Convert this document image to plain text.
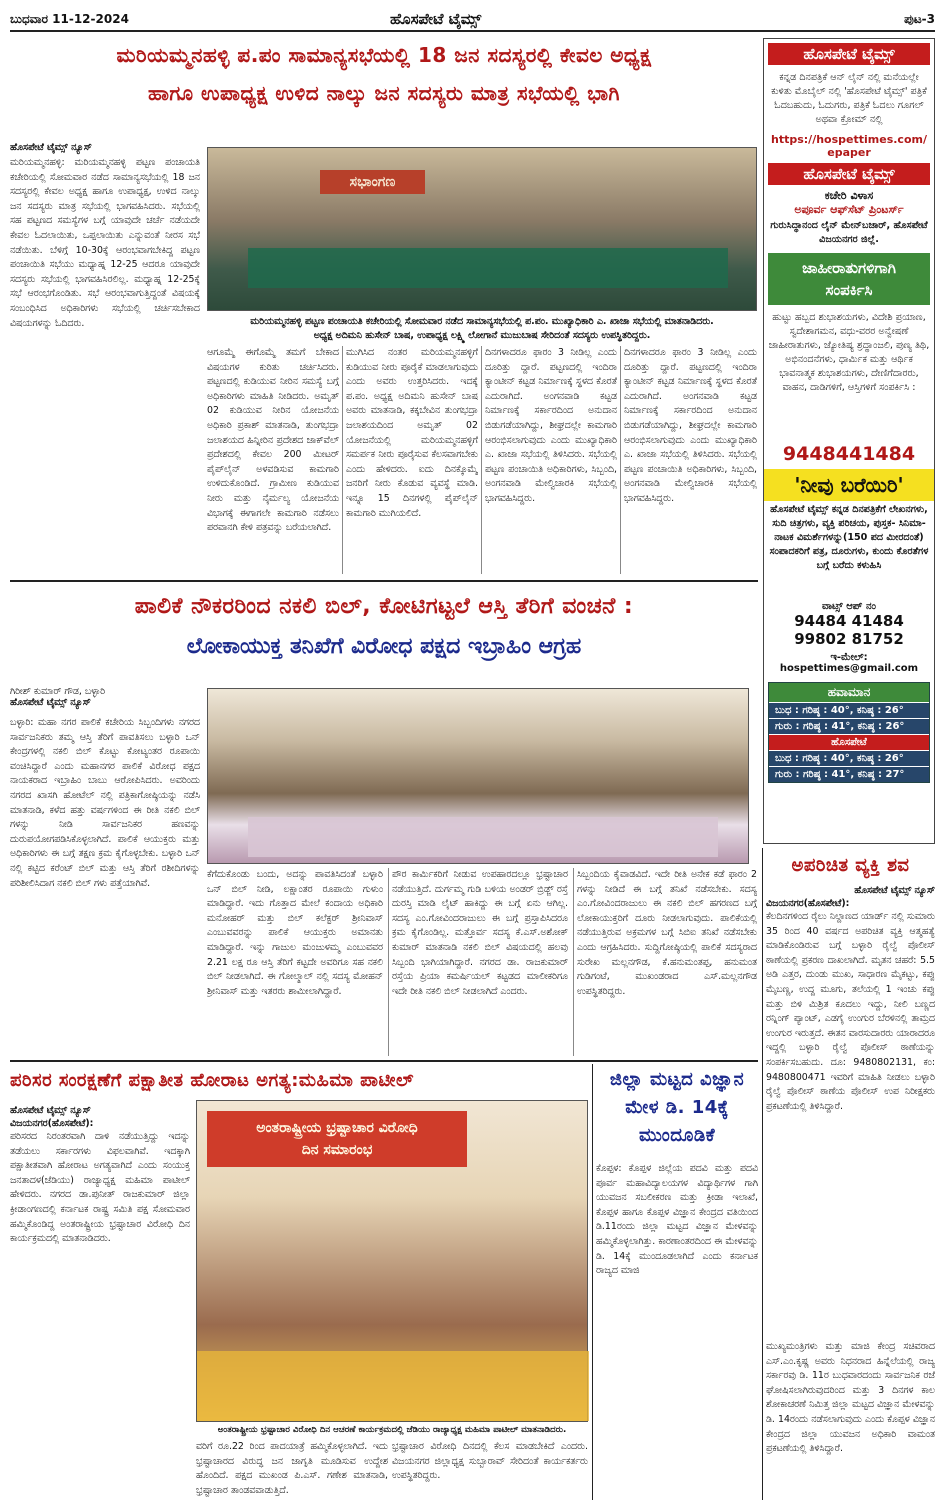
ಬುಧವಾರ 11-12-2024	ಹೊಸಪೇಟೆ ಟೈಮ್ಸ್	ಪುಟ-3
ಮರಿಯಮ್ಮನಹಳ್ಳಿ ಪ.ಪಂ ಸಾಮಾನ್ಯಸಭೆಯಲ್ಲಿ 18 ಜನ ಸದಸ್ಯರಲ್ಲಿ ಕೇವಲ ಅಧ್ಯಕ್ಷ
ಹಾಗೂ ಉಪಾಧ್ಯಕ್ಷ ಉಳಿದ ನಾಲ್ಕು ಜನ ಸದಸ್ಯರು ಮಾತ್ರ ಸಭೆಯಲ್ಲಿ ಭಾಗಿ
ಹೊಸಪೇಟೆ ಟೈಮ್ಸ್ ನ್ಯೂಸ್
ಮರಿಯಮ್ಮನಹಳ್ಳಿ: ಮರಿಯಮ್ಮನಹಳ್ಳಿ ಪಟ್ಟಣ ಪಂಚಾಯತಿ ಕಚೇರಿಯಲ್ಲಿ ಸೋಮವಾರ ನಡೆದ ಸಾಮಾನ್ಯಸಭೆಯಲ್ಲಿ 18 ಜನ ಸದಸ್ಯರಲ್ಲಿ ಕೇವಲ ಅಧ್ಯಕ್ಷ ಹಾಗೂ ಉಪಾಧ್ಯಕ್ಷ, ಉಳಿದ ನಾಲ್ಕು ಜನ ಸದಸ್ಯರು ಮಾತ್ರ ಸಭೆಯಲ್ಲಿ ಭಾಗವಹಿಸಿದರು. ಸಭೆಯಲ್ಲಿ ಸಹ ಪಟ್ಟಣದ ಸಮಸ್ಯೆಗಳ ಬಗ್ಗೆ ಯಾವುದೇ ಚರ್ಚೆ ನಡೆಯದೇ ಕೇವಲ ಓದಲಾಯಿತು, ಒಪ್ಪಲಾಯಿತು ಎನ್ನುವಂತೆ ನೀರಸ ಸಭೆ ನಡೆಯಿತು. ಬೆಳಿಗ್ಗೆ 10-30ಕ್ಕೆ ಆರಂಭವಾಗಬೇಕಿದ್ದ ಪಟ್ಟಣ ಪಂಚಾಯಿತಿ ಸಭೆಯು ಮಧ್ಯಾಹ್ನ 12-25 ಆದರೂ ಯಾವುದೇ ಸದಸ್ಯರು ಸಭೆಯಲ್ಲಿ ಭಾಗವಹಿಸಿರಲಿಲ್ಲ. ಮಧ್ಯಾಹ್ನ 12-25ಕ್ಕೆ ಸಭೆ ಆರಂಭಗೊಂಡಿತು. ಸಭೆ ಆರಂಭವಾಗುತ್ತಿದ್ದಂತೆ ವಿಷಯಕ್ಕೆ ಸಂಬಂಧಿಸಿದ ಅಧಿಕಾರಿಗಳು ಸಭೆಯಲ್ಲಿ ಚರ್ಚಿಸಬೇಕಾದ ವಿಷಯಗಳನ್ನು ಓದಿದರು.
ಸಭಾಂಗಣ
ಮರಿಯಮ್ಮನಹಳ್ಳಿ ಪಟ್ಟಣ ಪಂಚಾಯತಿ ಕಚೇರಿಯಲ್ಲಿ ಸೋಮವಾರ ನಡೆದ ಸಾಮಾನ್ಯಸಭೆಯಲ್ಲಿ ಪ.ಪಂ. ಮುಖ್ಯಾಧಿಕಾರಿ ಎ. ಖಾಜಾ ಸಭೆಯಲ್ಲಿ ಮಾತನಾಡಿದರು.
ಅಧ್ಯಕ್ಷ ಅದಿಮನಿ ಹುಸೇನ್ ಬಾಷ, ಉಪಾಧ್ಯಕ್ಷ ಲಕ್ಷ್ಮಿ ಲೋಗಾನೆ ಮುಜುಬಾಷ ಸೇರಿದಂತೆ ಸದಸ್ಯರು ಉಪಸ್ಥಿತರಿದ್ದರು.
ಆಗೂಮ್ಮೆ ಈಗೊಮ್ಮೆ ತಮಗೆ ಬೇಕಾದ ವಿಷಯಗಳ ಕುರಿತು ಚರ್ಚಿಸಿದರು. ಪಟ್ಟಣದಲ್ಲಿ ಕುಡಿಯುವ ನೀರಿನ ಸಮಸ್ಯೆ ಬಗ್ಗೆ ಅಧಿಕಾರಿಗಳು ಮಾಹಿತಿ ನೀಡಿದರು. ಅಮೃತ್ 02 ಕುಡಿಯುವ ನೀರಿನ ಯೋಜನೆಯ ಅಧಿಕಾರಿ ಪ್ರಕಾಶ್ ಮಾತನಾಡಿ, ತುಂಗಭದ್ರಾ ಜಲಾಶಯದ ಹಿನ್ನೀರಿನ ಪ್ರದೇಶದ ಜಾಕ್‌ವೆಲ್ ಪ್ರದೇಶದಲ್ಲಿ ಕೇವಲ 200 ಮೀಟರ್ ಪೈಪ್‌ಲೈನ್ ಅಳವಡಿಸುವ ಕಾಮಗಾರಿ ಉಳಿದುಕೊಂಡಿದೆ. ಗ್ರಾಮೀಣ ಕುಡಿಯುವ ನೀರು ಮತ್ತು ನೈರ್ಮಲ್ಯ ಯೋಜನೆಯ ವಿಭಾಗಕ್ಕೆ ಈಗಾಗಲೇ ಕಾಮಗಾರಿ ನಡೆಸಲು ಪರವಾನಗಿ ಕೇಳಿ ಪತ್ರವನ್ನು ಬರೆಯಲಾಗಿದೆ.
ಮುಗಿಸಿದ ನಂತರ ಮರಿಯಮ್ಮನಹಳ್ಳಿಗೆ ಕುಡಿಯುವ ನೀರು ಪೂರೈಕೆ ಮಾಡಲಾಗುವುದು ಎಂದು ಅವರು ಉತ್ತರಿಸಿದರು. ಇದಕ್ಕೆ ಪ.ಪಂ. ಅಧ್ಯಕ್ಷ ಅದಿಮನಿ ಹುಸೇನ್ ಬಾಷ ಅವರು ಮಾತನಾಡಿ, ಕಕ್ಕಬೇವಿನ ತುಂಗಭದ್ರಾ ಜಲಾಶಯದಿಂದ ಅಮೃತ್ 02 ಯೋಜನೆಯಲ್ಲಿ ಮರಿಯಮ್ಮನಹಳ್ಳಿಗೆ ಸಮರ್ಪಕ ನೀರು ಪೂರೈಸುವ ಕೆಲಸವಾಗಬೇಕು ಎಂದು ಹೇಳಿದರು. ಐದು ದಿನಕ್ಕೊಮ್ಮೆ ಜನರಿಗೆ ನೀರು ಕೊಡುವ ವ್ಯವಸ್ಥೆ ಮಾಡಿ. ಇನ್ನೂ 15 ದಿನಗಳಲ್ಲಿ ಪೈಪ್‌ಲೈನ್ ಕಾಮಗಾರಿ ಮುಗಿಯಲಿದೆ.
ದಿನಗಳಾದರೂ ಫಾರಂ 3 ನೀಡಿಲ್ಲ ಎಂದು ದೂರಿತ್ತು ದ್ದಾರೆ. ಪಟ್ಟಣದಲ್ಲಿ ಇಂದಿರಾ ಕ್ಯಾಂಟೀನ್ ಕಟ್ಟಡ ನಿರ್ಮಾಣಕ್ಕೆ ಸ್ಥಳದ ಕೊರತೆ ಎದುರಾಗಿದೆ. ಅಂಗನವಾಡಿ ಕಟ್ಟಡ ನಿರ್ಮಾಣಕ್ಕೆ ಸರ್ಕಾರದಿಂದ ಅನುದಾನ ಬಿಡುಗಡೆಯಾಗಿದ್ದು, ಶೀಘ್ರದಲ್ಲೇ ಕಾಮಗಾರಿ ಆರಂಭಿಸಲಾಗುವುದು ಎಂದು ಮುಖ್ಯಾಧಿಕಾರಿ ಎ. ಖಾಜಾ ಸಭೆಯಲ್ಲಿ ತಿಳಿಸಿದರು. ಸಭೆಯಲ್ಲಿ ಪಟ್ಟಣ ಪಂಚಾಯಿತಿ ಅಧಿಕಾರಿಗಳು, ಸಿಬ್ಬಂದಿ, ಅಂಗನವಾಡಿ ಮೇಲ್ವಿಚಾರಕಿ ಸಭೆಯಲ್ಲಿ ಭಾಗವಹಿಸಿದ್ದರು.
ದಿನಗಳಾದರೂ ಫಾರಂ 3 ನೀಡಿಲ್ಲ ಎಂದು ದೂರಿತ್ತು ದ್ದಾರೆ. ಪಟ್ಟಣದಲ್ಲಿ ಇಂದಿರಾ ಕ್ಯಾಂಟೀನ್ ಕಟ್ಟಡ ನಿರ್ಮಾಣಕ್ಕೆ ಸ್ಥಳದ ಕೊರತೆ ಎದುರಾಗಿದೆ. ಅಂಗನವಾಡಿ ಕಟ್ಟಡ ನಿರ್ಮಾಣಕ್ಕೆ ಸರ್ಕಾರದಿಂದ ಅನುದಾನ ಬಿಡುಗಡೆಯಾಗಿದ್ದು, ಶೀಘ್ರದಲ್ಲೇ ಕಾಮಗಾರಿ ಆರಂಭಿಸಲಾಗುವುದು ಎಂದು ಮುಖ್ಯಾಧಿಕಾರಿ ಎ. ಖಾಜಾ ಸಭೆಯಲ್ಲಿ ತಿಳಿಸಿದರು. ಸಭೆಯಲ್ಲಿ ಪಟ್ಟಣ ಪಂಚಾಯಿತಿ ಅಧಿಕಾರಿಗಳು, ಸಿಬ್ಬಂದಿ, ಅಂಗನವಾಡಿ ಮೇಲ್ವಿಚಾರಕಿ ಸಭೆಯಲ್ಲಿ ಭಾಗವಹಿಸಿದ್ದರು.
ಪಾಲಿಕೆ ನೌಕರರಿಂದ ನಕಲಿ ಬಿಲ್, ಕೋಟಿಗಟ್ಟಲೆ ಆಸ್ತಿ ತೆರಿಗೆ ವಂಚನೆ :
ಲೋಕಾಯುಕ್ತ ತನಿಖೆಗೆ ವಿರೋಧ ಪಕ್ಷದ ಇಬ್ರಾಹಿಂ ಆಗ್ರಹ
ಗಿರೀಶ್ ಕುಮಾರ್ ಗೌಡ, ಬಳ್ಳಾರಿ
ಹೊಸಪೇಟೆ ಟೈಮ್ಸ್ ನ್ಯೂಸ್
ಬಳ್ಳಾರಿ: ಮಹಾ ನಗರ ಪಾಲಿಕೆ ಕಚೇರಿಯ ಸಿಬ್ಬಂದಿಗಳು ನಗರದ ಸಾರ್ವಜನಿಕರು ತಮ್ಮ ಆಸ್ತಿ ತೆರಿಗೆ ಪಾವತಿಸಲು ಬಳ್ಳಾರಿ ಒನ್ ಕೇಂದ್ರಗಳಲ್ಲಿ ನಕಲಿ ಬಿಲ್ ಕೊಟ್ಟು ಕೋಟ್ಯಂತರ ರೂಪಾಯಿ ವಂಚಿಸಿದ್ದಾರೆ ಎಂದು ಮಹಾನಗರ ಪಾಲಿಕೆ ವಿರೋಧ ಪಕ್ಷದ ನಾಯಕರಾದ ಇಬ್ರಾಹಿಂ ಬಾಬು ಆರೋಪಿಸಿದರು. ಅವರಿಂದು ನಗರದ ಖಾಸಗಿ ಹೋಟೆಲ್ ನಲ್ಲಿ ಪತ್ರಿಕಾಗೋಷ್ಠಿಯನ್ನು ನಡೆಸಿ ಮಾತನಾಡಿ, ಕಳೆದ ಹತ್ತು ವರ್ಷಗಳಿಂದ ಈ ರೀತಿ ನಕಲಿ ಬಿಲ್ ಗಳನ್ನು ನೀಡಿ ಸಾರ್ವಜನಿಕರ ಹಣವನ್ನು ದುರುಪಯೋಗಪಡಿಸಿಕೊಳ್ಳಲಾಗಿದೆ. ಪಾಲಿಕೆ ಆಯುಕ್ತರು ಮತ್ತು ಅಧಿಕಾರಿಗಳು ಈ ಬಗ್ಗೆ ತಕ್ಷಣ ಕ್ರಮ ಕೈಗೊಳ್ಳಬೇಕು. ಬಳ್ಳಾರಿ ಒನ್ ನಲ್ಲಿ ಕಟ್ಟಿದ ಕರೆಂಟ್ ಬಿಲ್ ಮತ್ತು ಆಸ್ತಿ ತೆರಿಗೆ ರಶೀದಿಗಳನ್ನು ಪರಿಶೀಲಿಸಿದಾಗ ನಕಲಿ ಬಿಲ್ ಗಳು ಪತ್ತೆಯಾಗಿವೆ.
ಕೆಗೆದುಕೊಂಡು ಬಂದು, ಅದನ್ನು ಪಾವತಿಸಿದಂತೆ ಬಳ್ಳಾರಿ ಒನ್ ಬಿಲ್ ನೀಡಿ, ಲಕ್ಷಾಂತರ ರೂಪಾಯಿ ಗುಳುಂ ಮಾಡಿದ್ದಾರೆ. ಇದು ಗೊತ್ತಾದ ಮೇಲೆ ಕಂದಾಯ ಅಧಿಕಾರಿ ಮನೋಹರ್ ಮತ್ತು ಬಿಲ್ ಕಲೆಕ್ಟರ್ ಶ್ರೀನಿವಾಸ್ ಎಂಬುವವರನ್ನು ಪಾಲಿಕೆ ಆಯುಕ್ತರು ಅಮಾನತು ಮಾಡಿದ್ದಾರೆ. ಇನ್ನು ಗಾಜುಲ ಮಂಜುಳಮ್ಮ ಎಂಬುವವರ 2.21 ಲಕ್ಷ ರೂ ಆಸ್ತಿ ತೆರಿಗೆ ಕಟ್ಟದೇ ಅವರಿಗೂ ಸಹ ನಕಲಿ ಬಿಲ್ ನೀಡಲಾಗಿದೆ. ಈ ಗೋಲ್ಮಾಲ್ ನಲ್ಲಿ ಸದಸ್ಯ ಮೋಹನ್ ಶ್ರೀನಿವಾಸ್ ಮತ್ತು ಇತರರು ಶಾಮೀಲಾಗಿದ್ದಾರೆ.
ಪೌರ ಕಾರ್ಮಿಕರಿಗೆ ನೀಡುವ ಉಪಹಾರದಲ್ಲೂ ಭ್ರಷ್ಟಾಚಾರ ನಡೆಯುತ್ತಿದೆ. ದುರ್ಗಮ್ಮ ಗುಡಿ ಬಳಿಯ ಅಂಡರ್ ಬ್ರಿಡ್ಜ್ ರಸ್ತೆ ದುರಸ್ತಿ ಮಾಡಿ ಲೈಟ್ ಹಾಕಿದ್ದು ಈ ಬಗ್ಗೆ ಏನು ಆಗಿಲ್ಲ. ಸದಸ್ಯ ಎಂ.ಗೋವಿಂದರಾಜುಲು ಈ ಬಗ್ಗೆ ಪ್ರಸ್ತಾಪಿಸಿದರೂ ಕ್ರಮ ಕೈಗೊಂಡಿಲ್ಲ. ಮತ್ತೊರ್ವ ಸದಸ್ಯ ಕೆ.ಎಸ್.ಅಶೋಕ್ ಕುಮಾರ್ ಮಾತನಾಡಿ ನಕಲಿ ಬಿಲ್ ವಿಷಯದಲ್ಲಿ ಹಲವು ಸಿಬ್ಬಂದಿ ಭಾಗಿಯಾಗಿದ್ದಾರೆ. ನಗರದ ಡಾ. ರಾಜಕುಮಾರ್ ರಸ್ತೆಯ ಪ್ರಿಯಾ ಕಮರ್ಷಿಯಲ್ ಕಟ್ಟಡದ ಮಾಲೀಕರಿಗೂ ಇದೇ ರೀತಿ ನಕಲಿ ಬಿಲ್ ನೀಡಲಾಗಿದೆ ಎಂದರು.
ಸಿಬ್ಬಂದಿಯ ಕೈವಾಡವಿದೆ. ಇದೇ ರೀತಿ ಅನೇಕ ಕಡೆ ಫಾರಂ 2 ಗಳನ್ನು ನೀಡಿದೆ ಈ ಬಗ್ಗೆ ತನಿಖೆ ನಡೆಸಬೇಕು. ಸದಸ್ಯ ಎಂ.ಗೋವಿಂದರಾಜುಲು ಈ ನಕಲಿ ಬಿಲ್ ಹಗರಣದ ಬಗ್ಗೆ ಲೋಕಾಯುಕ್ತರಿಗೆ ದೂರು ನೀಡಲಾಗುವುದು. ಪಾಲಿಕೆಯಲ್ಲಿ ನಡೆಯುತ್ತಿರುವ ಅಕ್ರಮಗಳ ಬಗ್ಗೆ ಸಿಬಿಐ ತನಿಖೆ ನಡೆಸಬೇಕು ಎಂದು ಆಗ್ರಹಿಸಿದರು. ಸುದ್ದಿಗೋಷ್ಠಿಯಲ್ಲಿ ಪಾಲಿಕೆ ಸದಸ್ಯರಾದ ಸುರೇಖ ಮಲ್ಲನಗೌಡ, ಕೆ.ಹನುಮಂತಪ್ಪ, ಹನುಮಂತ ಗುಡಿಗಂಟೆ, ಮುಖಂಡರಾದ ಎಸ್.ಮಲ್ಲನಗೌಡ ಉಪಸ್ಥಿತರಿದ್ದರು.
ಪರಿಸರ ಸಂರಕ್ಷಣೆಗೆ ಪಕ್ಷಾತೀತ ಹೋರಾಟ ಅಗತ್ಯ:ಮಹಿಮಾ ಪಾಟೀಲ್
ಹೊಸಪೇಟೆ ಟೈಮ್ಸ್ ನ್ಯೂಸ್
ವಿಜಯನಗರ(ಹೊಸಪೇಟೆ):
ಪರಿಸರದ ನಿರಂತರವಾಗಿ ದಾಳಿ ನಡೆಯುತ್ತಿದ್ದು ಇದನ್ನು ತಡೆಯಲು ಸರ್ಕಾರಗಳು ವಿಫಲವಾಗಿವೆ. ಇದಕ್ಕಾಗಿ ಪಕ್ಷಾತೀತವಾಗಿ ಹೋರಾಟ ಅಗತ್ಯವಾಗಿದೆ ಎಂದು ಸಂಯುಕ್ತ ಜನತಾದಳ(ಜೆಡಿಯು) ರಾಜ್ಯಾಧ್ಯಕ್ಷ ಮಹಿಮಾ ಪಾಟೀಲ್ ಹೇಳಿದರು. ನಗರದ ಡಾ.ಪುನೀತ್ ರಾಜಕುಮಾರ್ ಜಿಲ್ಲಾ ಕ್ರೀಡಾಂಗಣದಲ್ಲಿ ಕರ್ನಾಟಕ ರಾಷ್ಟ್ರ ಸಮಿತಿ ಪಕ್ಷ ಸೋಮವಾರ ಹಮ್ಮಿಕೊಂಡಿದ್ದ ಅಂತರಾಷ್ಟ್ರೀಯ ಭ್ರಷ್ಟಾಚಾರ ವಿರೋಧಿ ದಿನ ಕಾರ್ಯಕ್ರಮದಲ್ಲಿ ಮಾತನಾಡಿದರು.
ಅಂತರಾಷ್ಟ್ರೀಯ ಭ್ರಷ್ಟಾಚಾರ ವಿರೋಧಿ
ದಿನ ಸಮಾರಂಭ
ಅಂತರಾಷ್ಟ್ರೀಯ ಭ್ರಷ್ಟಾಚಾರ ವಿರೋಧಿ ದಿನ ಆಚರಣೆ ಕಾರ್ಯಕ್ರಮದಲ್ಲಿ ಜೆಡಿಯು ರಾಜ್ಯಾಧ್ಯಕ್ಷ ಮಹಿಮಾ ಪಾಟೀಲ್ ಮಾತನಾಡಿದರು.
ವರಿಗೆ ರೂ.22 ರಿಂದ ಪಾದಯಾತ್ರೆ ಹಮ್ಮಿಕೊಳ್ಳಲಾಗಿದೆ. ಇದು ಭ್ರಷ್ಟಾಚಾರದ ವಿರುದ್ಧ ಜನ ಜಾಗೃತಿ ಮೂಡಿಸುವ ಉದ್ದೇಶ ಹೊಂದಿದೆ. ಪಕ್ಷದ ಮುಖಂಡ ಪಿ.ಎಸ್. ಗಣೇಶ ಮಾತನಾಡಿ, ಭ್ರಷ್ಟಾಚಾರ ತಾಂಡವವಾಡುತ್ತಿದೆ.
ಭ್ರಷ್ಟಾಚಾರ ವಿರೋಧಿ ದಿನದಲ್ಲಿ ಕೆಲಸ ಮಾಡಬೇಕಿದೆ ಎಂದರು. ವಿಜಯನಗರ ಜಿಲ್ಲಾಧ್ಯಕ್ಷ ಸುಬ್ಬಾರಾವ್ ಸೇರಿದಂತೆ ಕಾರ್ಯಕರ್ತರು ಉಪಸ್ಥಿತರಿದ್ದರು.
ಜಿಲ್ಲಾ ಮಟ್ಟದ ವಿಜ್ಞಾನ ಮೇಳ ಡಿ. 14ಕ್ಕೆ ಮುಂದೂಡಿಕೆ
ಕೊಪ್ಪಳ: ಕೊಪ್ಪಳ ಜಿಲ್ಲೆಯ ಪದವಿ ಮತ್ತು ಪದವಿ ಪೂರ್ವ ಮಹಾವಿದ್ಯಾಲಯಗಳ ವಿದ್ಯಾರ್ಥಿಗಳ ಗಾಗಿ ಯುವಜನ ಸಬಲೀಕರಣ ಮತ್ತು ಕ್ರೀಡಾ ಇಲಾಖೆ, ಕೊಪ್ಪಳ ಹಾಗೂ ಕೊಪ್ಪಳ ವಿಜ್ಞಾನ ಕೇಂದ್ರದ ವತಿಯಿಂದ ಡಿ.11ರಂದು ಜಿಲ್ಲಾ ಮಟ್ಟದ ವಿಜ್ಞಾನ ಮೇಳವನ್ನು ಹಮ್ಮಿಕೊಳ್ಳಲಾಗಿತ್ತು. ಕಾರಣಾಂತರದಿಂದ ಈ ಮೇಳವನ್ನು ಡಿ. 14ಕ್ಕೆ ಮುಂದೂಡಲಾಗಿದೆ ಎಂದು ಕರ್ನಾಟಕ ರಾಜ್ಯದ ಮಾಜಿ
ಅಪರಿಚಿತ ವ್ಯಕ್ತಿ ಶವ
ಹೊಸಪೇಟೆ ಟೈಮ್ಸ್ ನ್ಯೂಸ್
ವಿಜಯನಗರ(ಹೊಸಪೇಟೆ):
ಕೆಲದಿನಗಳಿಂದ ರೈಲು ನಿಲ್ದಾಣದ ಯಾರ್ಡ್ ನಲ್ಲಿ ಸುಮಾರು 35 ರಿಂದ 40 ವರ್ಷದ ಅಪರಿಚಿತ ವ್ಯಕ್ತಿ ಆತ್ಮಹತ್ಯೆ ಮಾಡಿಕೊಂಡಿರುವ ಬಗ್ಗೆ ಬಳ್ಳಾರಿ ರೈಲ್ವೆ ಪೊಲೀಸ್ ಠಾಣೆಯಲ್ಲಿ ಪ್ರಕರಣ ದಾಖಲಾಗಿದೆ. ಮೃತನ ಚಹರೆ: 5.5 ಅಡಿ ಎತ್ತರ, ದುಂಡು ಮುಖ, ಸಾಧಾರಣ ಮೈಕಟ್ಟು, ಕಪ್ಪು ಮೈಬಣ್ಣ, ಉದ್ದ ಮೂಗು, ತಲೆಯಲ್ಲಿ 1 ಇಂಚು ಕಪ್ಪು ಮತ್ತು ಬಿಳಿ ಮಿಶ್ರಿತ ಕೂದಲು ಇದ್ದು, ನೀಲಿ ಬಣ್ಣದ ರನ್ನಿಂಗ್ ಪ್ಯಾಂಟ್, ಎಡಗೈ ಉಂಗುರ ಬೆರಳಿನಲ್ಲಿ ತಾಮ್ರದ ಉಂಗುರ ಇರುತ್ತದೆ. ಈತನ ವಾರಸುದಾರರು ಯಾರಾದರೂ ಇದ್ದಲ್ಲಿ ಬಳ್ಳಾರಿ ರೈಲ್ವೆ ಪೊಲೀಸ್ ಠಾಣೆಯನ್ನು ಸಂಪರ್ಕಿಸಬಹುದು. ದೂ: 9480802131, ಕಂ: 9480800471 ಇವರಿಗೆ ಮಾಹಿತಿ ನೀಡಲು ಬಳ್ಳಾರಿ ರೈಲ್ವೆ ಪೊಲೀಸ್ ಠಾಣೆಯ ಪೊಲೀಸ್ ಉಪ ನಿರೀಕ್ಷಕರು ಪ್ರಕಟಣೆಯಲ್ಲಿ ತಿಳಿಸಿದ್ದಾರೆ.
ಮುಖ್ಯಮಂತ್ರಿಗಳು ಮತ್ತು ಮಾಜಿ ಕೇಂದ್ರ ಸಚಿವರಾದ ಎಸ್.ಎಂ.ಕೃಷ್ಣ ಅವರು ನಿಧನರಾದ ಹಿನ್ನೆಲೆಯಲ್ಲಿ ರಾಜ್ಯ ಸರ್ಕಾರವು ಡಿ. 11ರ ಬುಧವಾರದಂದು ಸಾರ್ವಜನಿಕ ರಜೆ ಘೋಷಿಸಲಾಗಿರುವುದರಿಂದ ಮತ್ತು 3 ದಿನಗಳ ಕಾಲ ಶೋಕಾಚರಣೆ ನಿಮಿತ್ತ ಜಿಲ್ಲಾ ಮಟ್ಟದ ವಿಜ್ಞಾನ ಮೇಳವನ್ನು ಡಿ. 14ರಂದು ನಡೆಸಲಾಗುವುದು ಎಂದು ಕೊಪ್ಪಳ ವಿಜ್ಞಾನ ಕೇಂದ್ರದ ಜಿಲ್ಲಾ ಯುವಜನ ಅಧಿಕಾರಿ ವಾಮಂತ ಪ್ರಕಟಣೆಯಲ್ಲಿ ತಿಳಿಸಿದ್ದಾರೆ.
ಹೊಸಪೇಟೆ ಟೈಮ್ಸ್
ಕನ್ನಡ ದಿನಪತ್ರಿಕೆ ಆನ್ ಲೈನ್ ನಲ್ಲಿ ಮನೆಯಲ್ಲೇ ಕುಳಿತು ಮೊಬೈಲ್ ನಲ್ಲಿ 'ಹೊಸಪೇಟೆ ಟೈಮ್ಸ್' ಪತ್ರಿಕೆ ಓದಬಹುದು, ಓದುಗರು, ಪತ್ರಿಕೆ ಓದಲು ಗೂಗಲ್ ಅಥವಾ ಕ್ರೋಮ್ ನಲ್ಲಿ
https://hospettimes.com/
epaper
ಹೊಸಪೇಟೆ ಟೈಮ್ಸ್
ಕಚೇರಿ ವಿಳಾಸ
ಅಪೂರ್ವ ಆಫ್‌ಸೆಟ್ ಪ್ರಿಂಟರ್ಸ್
ಗುರುಸಿದ್ಧಾನಂದ ಲೈನ್ ಮೇನ್‌ಬಜಾರ್, ಹೊಸಪೇಟೆ ವಿಜಯನಗರ ಜಿಲ್ಲೆ.
ಜಾಹೀರಾತುಗಳಿಗಾಗಿ
ಸಂಪರ್ಕಿಸಿ
ಹುಟ್ಟು ಹಬ್ಬದ ಶುಭಾಶಯಗಳು, ವಿದೇಶಿ ಪ್ರಯಾಣ, ಸ್ವದೇಶಾಗಮನ, ವಧು-ವರರ ಅನ್ವೇಷಣೆ ಜಾಹೀರಾತುಗಳು, ಜ್ಯೋತಿಷ್ಯ ಶ್ರದ್ಧಾಂಜಲಿ, ಪುಣ್ಯ ತಿಥಿ, ಅಭಿನಂದನೆಗಳು, ಧಾರ್ಮಿಕ ಮತ್ತು ಆರ್ಥಿಕ ಭಾವನಾತ್ಮಕ ಶುಭಾಶಯಗಳು, ದೇಣಿಗೆದಾರರು, ವಾಹನ, ದಾಡಿಗಳಿಗೆ, ಆಸ್ತಿಗಳಿಗೆ ಸಂಪರ್ಕಿಸಿ :
9448441484
'ನೀವು ಬರೆಯಿರಿ'
ಹೊಸಪೇಟೆ ಟೈಮ್ಸ್ ಕನ್ನಡ ದಿನಪತ್ರಿಕೆಗೆ ಲೇಖನಗಳು, ಸುದಿ ಚಿತ್ರಗಳು, ವ್ಯಕ್ತಿ ಪರಿಚಯ, ಪುಸ್ತಕ- ಸಿನಿಮಾ-ನಾಟಕ ವಿಮರ್ಶೆಗಳನ್ನು(150 ಪದ ಮೀರದಂತೆ) ಸಂಪಾದಕರಿಗೆ ಪತ್ರ, ದೂರುಗಳು, ಕುಂದು ಕೊರತೆಗಳ ಬಗ್ಗೆ ಬರೆದು ಕಳುಹಿಸಿ
ವಾಟ್ಸ್ ಆಪ್ ನಂ
94484 41484
99802 81752
ಇ-ಮೇಲ್: hospettimes@gmail.com
ಹವಾಮಾನ
ಬುಧ : ಗರಿಷ್ಠ : 40°, ಕನಿಷ್ಠ : 26°
ಗುರು : ಗರಿಷ್ಠ : 41°, ಕನಿಷ್ಠ : 26°
ಹೊಸಪೇಟೆ
ಬುಧ : ಗರಿಷ್ಠ : 40°, ಕನಿಷ್ಠ : 26°
ಗುರು : ಗರಿಷ್ಠ : 41°, ಕನಿಷ್ಠ : 27°
